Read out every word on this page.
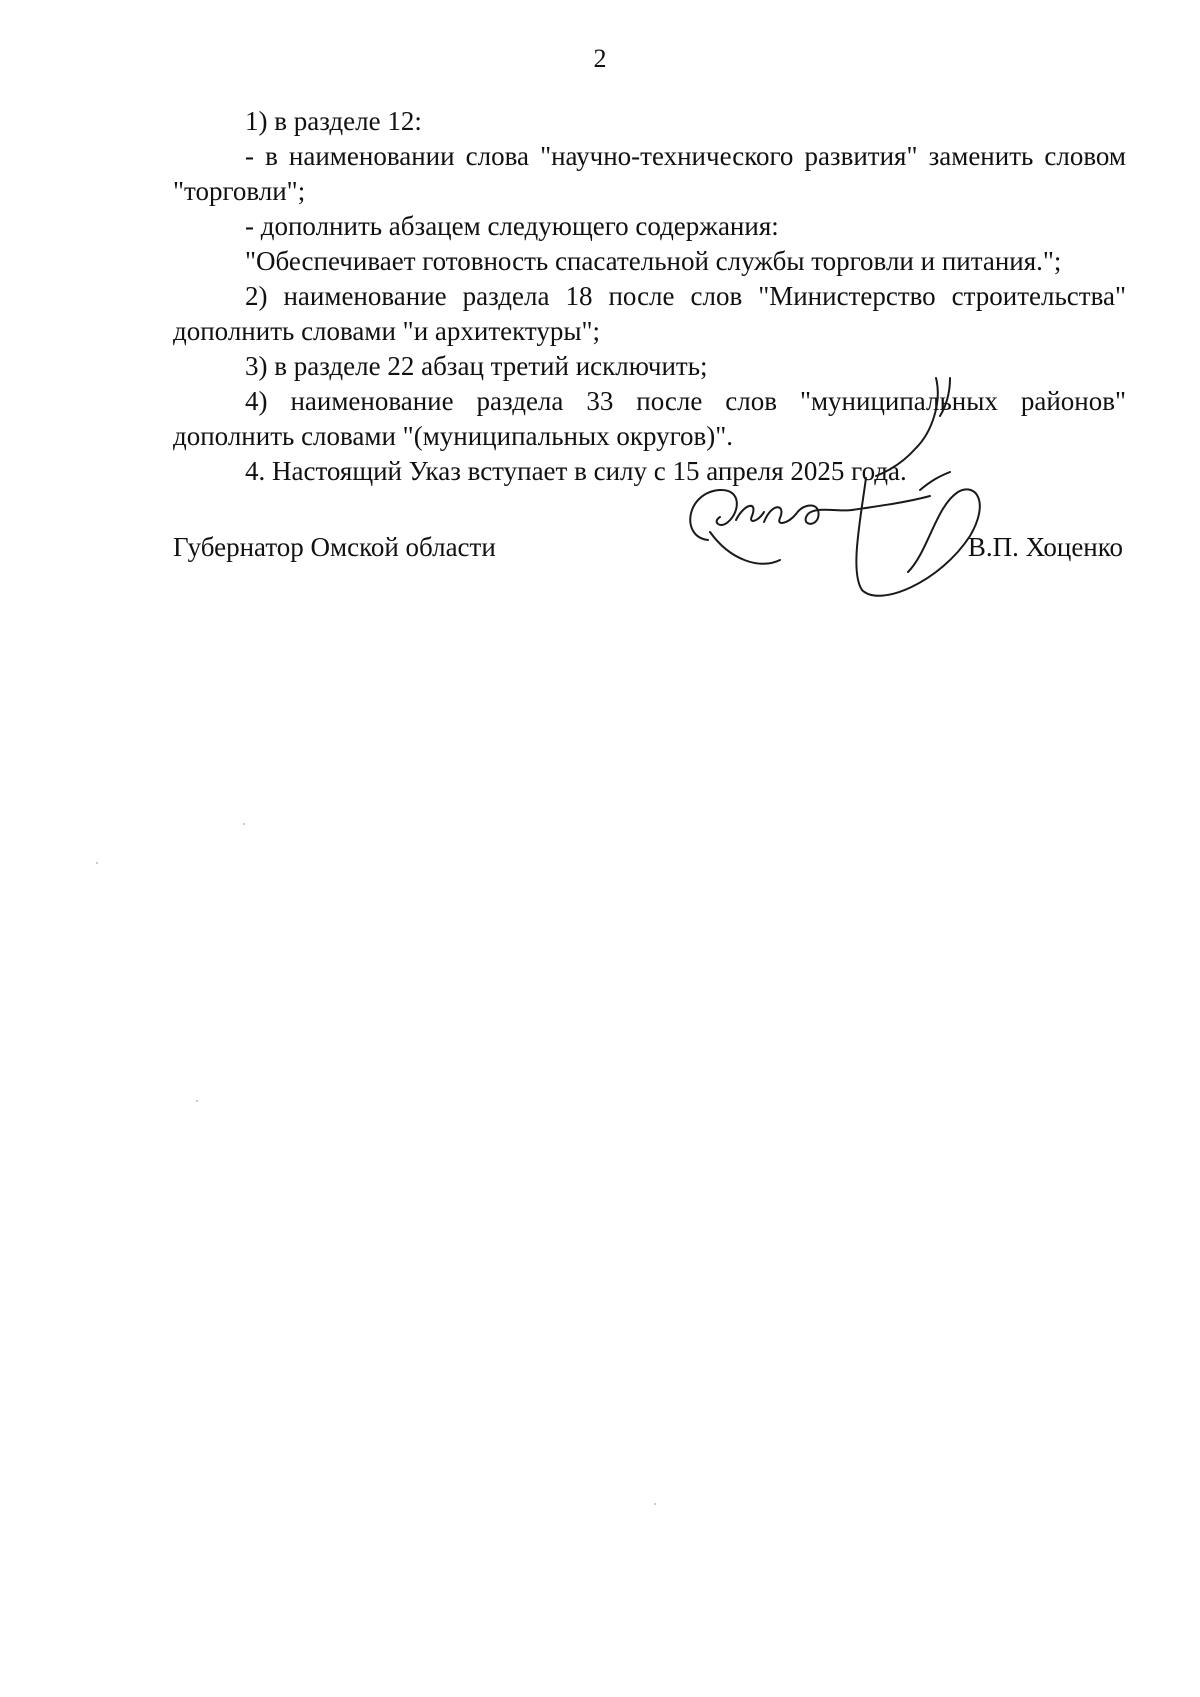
2

1) в разделе 12:

- в наименовании слова "научно-технического развития" заменить словом "торговли";

- дополнить абзацем следующего содержания:

"Обеспечивает готовность спасательной службы торговли и питания.";

2) наименование раздела 18 после слов "Министерство строительства" дополнить словами "и архитектуры";

3) в разделе 22 абзац третий исключить;

4) наименование раздела 33 после слов "муниципальных районов" дополнить словами "(муниципальных округов)".

4. Настоящий Указ вступает в силу с 15 апреля 2025 года.

Губернатор Омской области	В.П. Хоценко
